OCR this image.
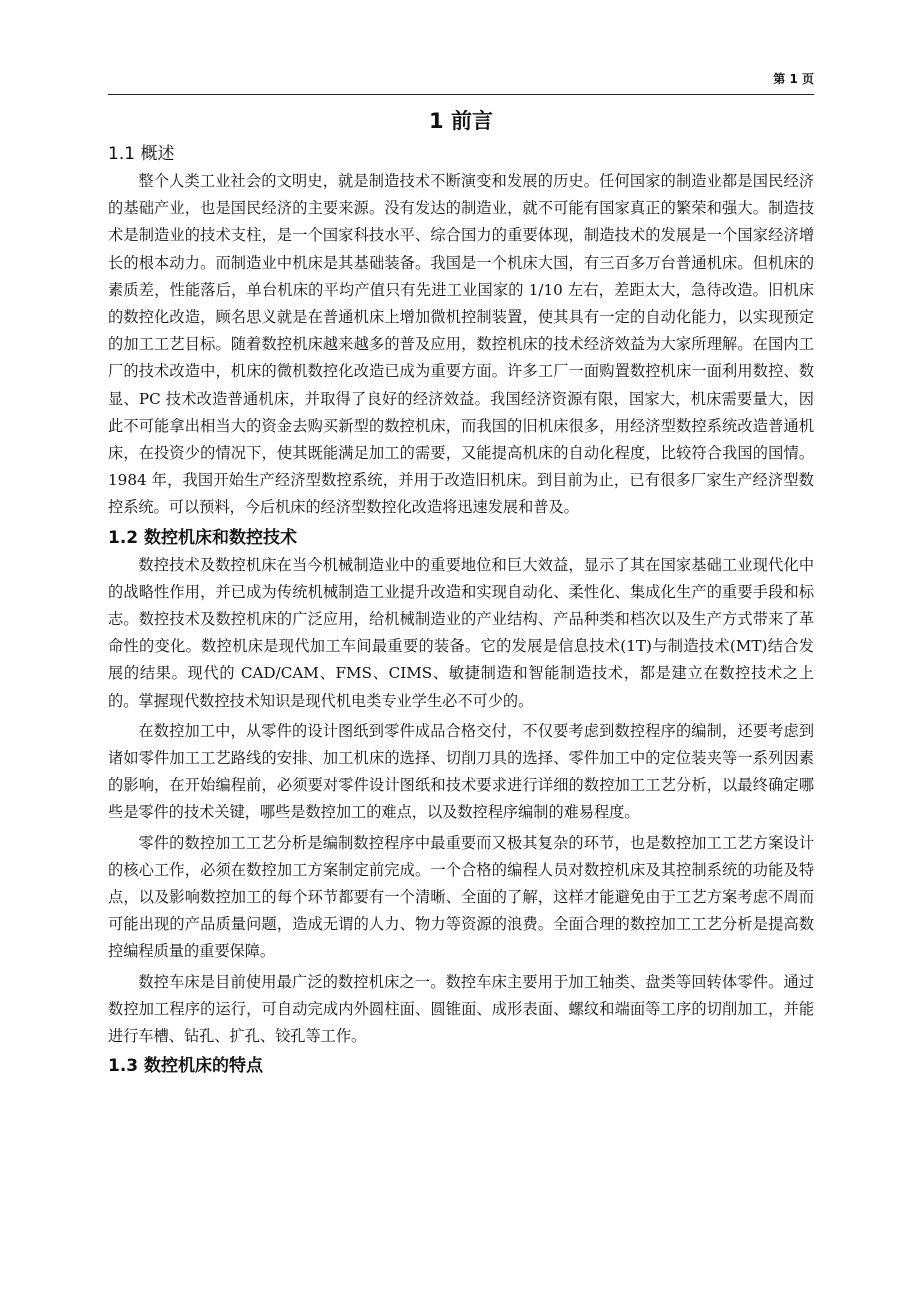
第 1 页
1 前言
1.1 概述

整个人类工业社会的文明史，就是制造技术不断演变和发展的历史。任何国家的制造业都是国民经济的基础产业，也是国民经济的主要来源。没有发达的制造业，就不可能有国家真正的繁荣和强大。制造技术是制造业的技术支柱，是一个国家科技水平、综合国力的重要体现，制造技术的发展是一个国家经济增长的根本动力。而制造业中机床是其基础装备。我国是一个机床大国，有三百多万台普通机床。但机床的素质差，性能落后，单台机床的平均产值只有先进工业国家的 1/10 左右，差距太大，急待改造。旧机床的数控化改造，顾名思义就是在普通机床上增加微机控制装置，使其具有一定的自动化能力，以实现预定的加工工艺目标。随着数控机床越来越多的普及应用，数控机床的技术经济效益为大家所理解。在国内工厂的技术改造中，机床的微机数控化改造已成为重要方面。许多工厂一面购置数控机床一面利用数控、数显、PC 技术改造普通机床，并取得了良好的经济效益。我国经济资源有限，国家大，机床需要量大，因此不可能拿出相当大的资金去购买新型的数控机床，而我国的旧机床很多，用经济型数控系统改造普通机床，在投资少的情况下，使其既能满足加工的需要，又能提高机床的自动化程度，比较符合我国的国情。1984 年，我国开始生产经济型数控系统，并用于改造旧机床。到目前为止，已有很多厂家生产经济型数控系统。可以预料，今后机床的经济型数控化改造将迅速发展和普及。

1.2 数控机床和数控技术

数控技术及数控机床在当今机械制造业中的重要地位和巨大效益，显示了其在国家基础工业现代化中的战略性作用，并已成为传统机械制造工业提升改造和实现自动化、柔性化、集成化生产的重要手段和标志。数控技术及数控机床的广泛应用，给机械制造业的产业结构、产品种类和档次以及生产方式带来了革命性的变化。数控机床是现代加工车间最重要的装备。它的发展是信息技术(1T)与制造技术(MT)结合发展的结果。现代的 CAD/CAM、FMS、CIMS、敏捷制造和智能制造技术，都是建立在数控技术之上的。掌握现代数控技术知识是现代机电类专业学生必不可少的。

在数控加工中，从零件的设计图纸到零件成品合格交付，不仅要考虑到数控程序的编制，还要考虑到诸如零件加工工艺路线的安排、加工机床的选择、切削刀具的选择、零件加工中的定位装夹等一系列因素的影响，在开始编程前，必须要对零件设计图纸和技术要求进行详细的数控加工工艺分析，以最终确定哪些是零件的技术关键，哪些是数控加工的难点，以及数控程序编制的难易程度。

零件的数控加工工艺分析是编制数控程序中最重要而又极其复杂的环节，也是数控加工工艺方案设计的核心工作，必须在数控加工方案制定前完成。一个合格的编程人员对数控机床及其控制系统的功能及特点，以及影响数控加工的每个环节都要有一个清晰、全面的了解，这样才能避免由于工艺方案考虑不周而可能出现的产品质量问题，造成无谓的人力、物力等资源的浪费。全面合理的数控加工工艺分析是提高数控编程质量的重要保障。

数控车床是目前使用最广泛的数控机床之一。数控车床主要用于加工轴类、盘类等回转体零件。通过数控加工程序的运行，可自动完成内外圆柱面、圆锥面、成形表面、螺纹和端面等工序的切削加工，并能进行车槽、钻孔、扩孔、铰孔等工作。

1.3 数控机床的特点
